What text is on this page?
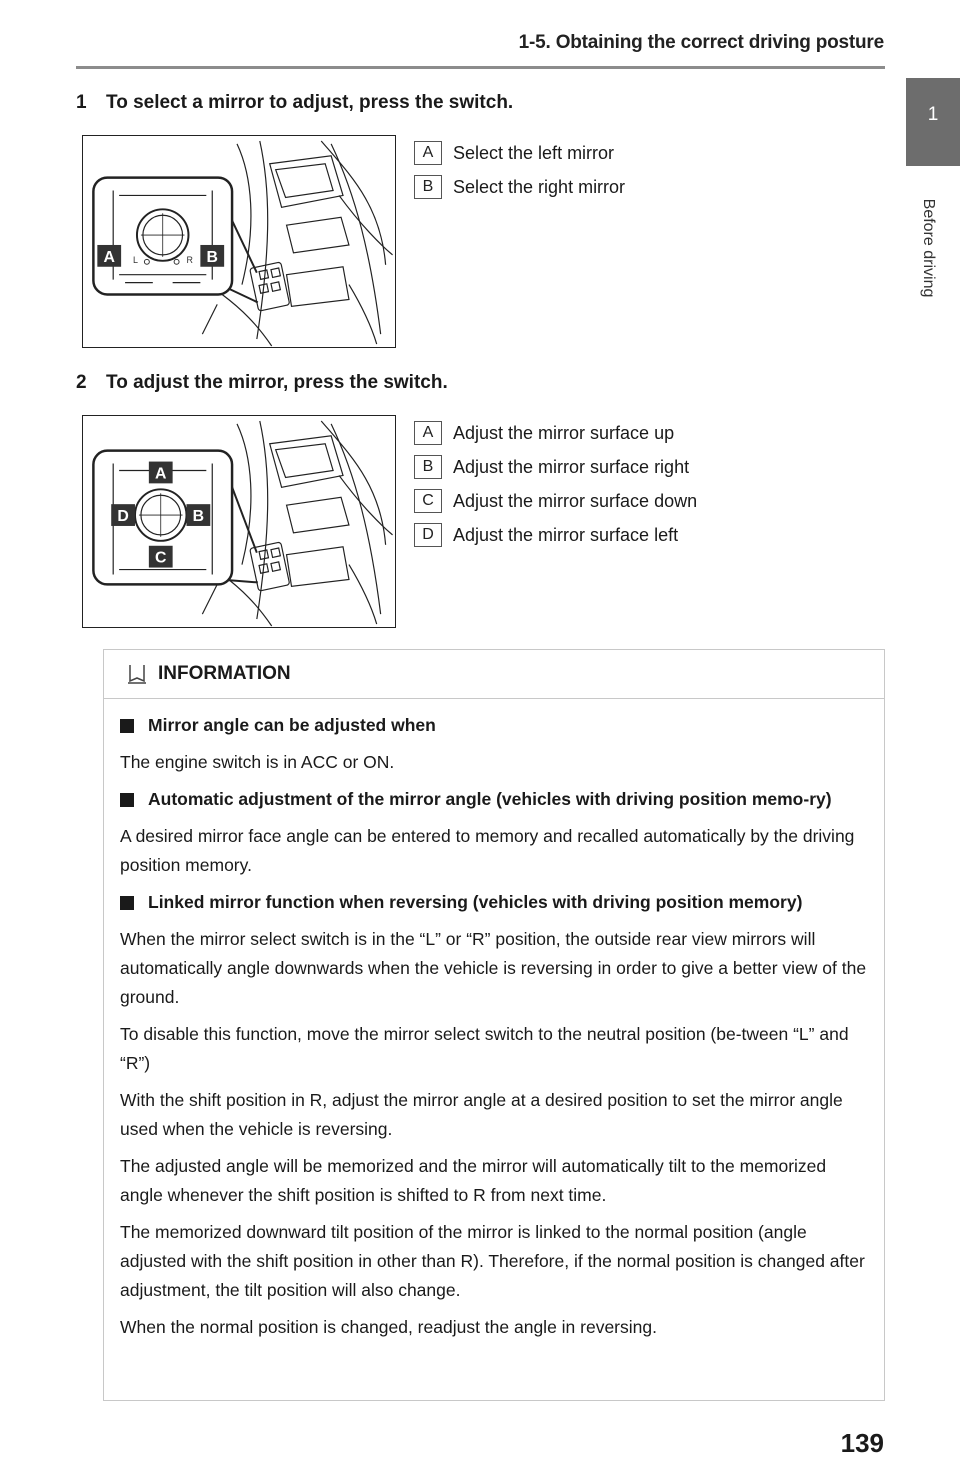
1-5. Obtaining the correct driving posture
1
Before driving
1 To select a mirror to adjust, press the switch.
A	B
L	R
A	Select the left mirror
B	Select the right mirror
2 To adjust the mirror, press the switch.
A
B
C
D
A	Adjust the mirror surface up
B	Adjust the mirror surface right
C	Adjust the mirror surface down
D	Adjust the mirror surface left
INFORMATION
Mirror angle can be adjusted when
The engine switch is in ACC or ON.
Automatic adjustment of the mirror angle (vehicles with driving position memo-ry)
A desired mirror face angle can be entered to memory and recalled automatically by the driving position memory.
Linked mirror function when reversing (vehicles with driving position memory)
When the mirror select switch is in the “L” or “R” position, the outside rear view mirrors will automatically angle downwards when the vehicle is reversing in order to give a better view of the ground.
To disable this function, move the mirror select switch to the neutral position (be-tween “L” and “R”)
With the shift position in R, adjust the mirror angle at a desired position to set the mirror angle used when the vehicle is reversing.
The adjusted angle will be memorized and the mirror will automatically tilt to the memorized angle whenever the shift position is shifted to R from next time.
The memorized downward tilt position of the mirror is linked to the normal position (angle adjusted with the shift position in other than R). Therefore, if the normal position is changed after adjustment, the tilt position will also change.
When the normal position is changed, readjust the angle in reversing.
139
